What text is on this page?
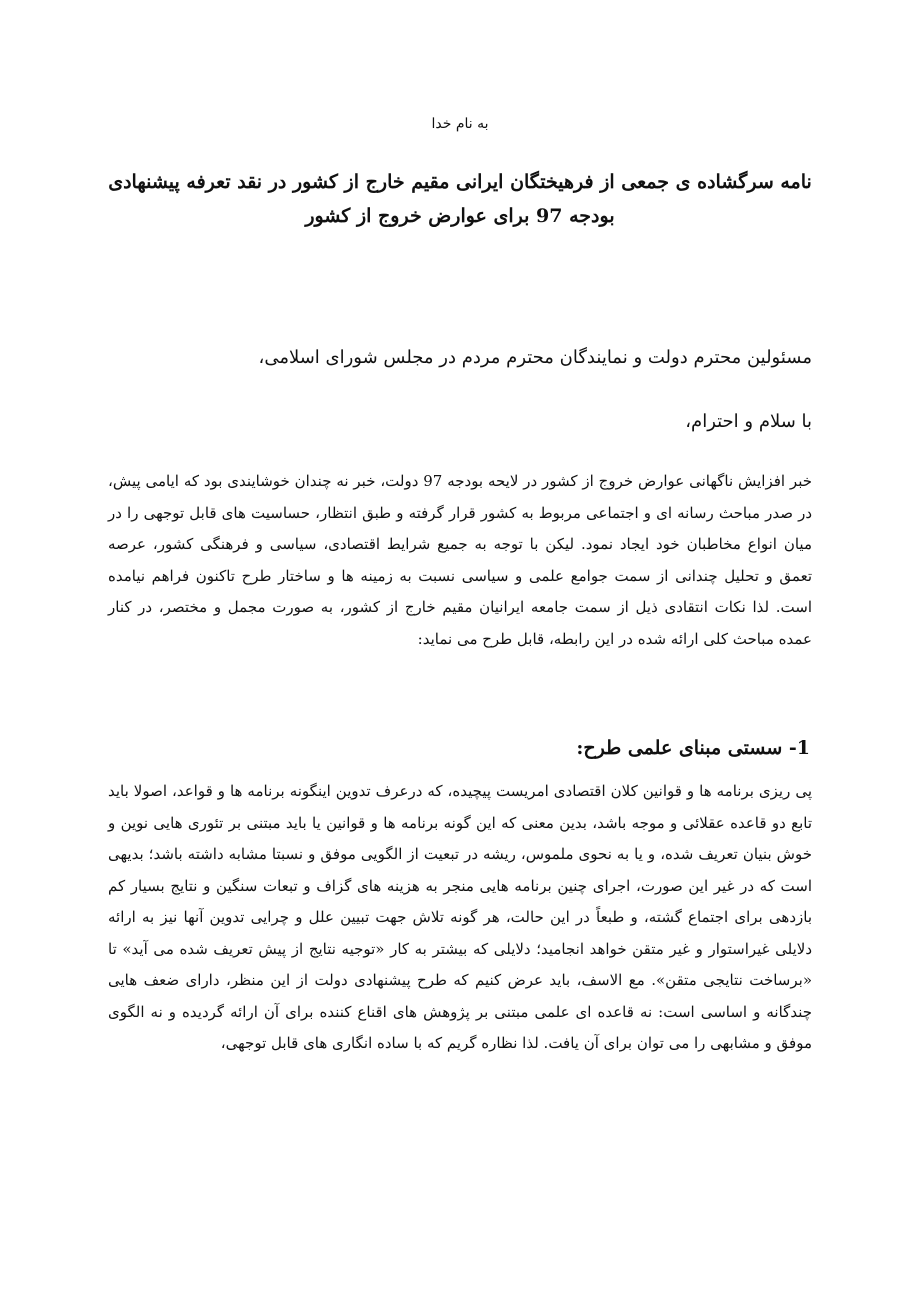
به نام خدا
نامه سرگشاده ی جمعی از فرهیختگان ایرانی مقیم خارج از کشور در نقد تعرفه پیشنهادی بودجه 97 برای عوارض خروج از کشور
مسئولین محترم دولت و نمایندگان محترم مردم در مجلس شورای اسلامی،
با سلام و احترام،

خبر افزایش ناگهانی عوارض خروج از کشور در لایحه بودجه 97 دولت، خبر نه چندان خوشایندی بود که ایامی پیش، در صدر مباحث رسانه ای و اجتماعی مربوط به کشور قرار گرفته و طبق انتظار، حساسیت های قابل توجهی را در میان انواع مخاطبان خود ایجاد نمود. لیکن با توجه به جمیع شرایط اقتصادی، سیاسی و فرهنگی کشور، عرصه تعمق و تحلیل چندانی از سمت جوامع علمی و سیاسی نسبت به زمینه ها و ساختار طرح تاکنون فراهم نیامده است. لذا نکات انتقادی ذیل از سمت جامعه ایرانیان مقیم خارج از کشور، به صورت مجمل و مختصر، در کنار عمده مباحث کلی ارائه شده در این رابطه، قابل طرح می نماید:

1- سستی مبنای علمی طرح:

پی ریزی برنامه ها و قوانین کلان اقتصادی امریست پیچیده، که درعرف تدوین اینگونه برنامه ها و قواعد، اصولا باید تابع دو قاعده عقلائی و موجه باشد، بدین معنی که این گونه برنامه ها و قوانین یا باید مبتنی بر تئوری هایی نوین و خوش بنیان تعریف شده، و یا به نحوی ملموس، ریشه در تبعیت از الگویی موفق و نسبتا مشابه داشته باشد؛ بدیهی است که در غیر این صورت، اجرای چنین برنامه هایی منجر به هزینه های گزاف و تبعات سنگین و نتایج بسیار کم بازدهی برای اجتماع گشته، و طبعاً در این حالت، هر گونه تلاش جهت تبیین علل و چرایی تدوین آنها نیز به ارائه دلایلی غیراستوار و غیر متقن خواهد انجامید؛ دلایلی که بیشتر به کار «توجیه نتایج از پیش تعریف شده می آید» تا «برساخت نتایجی متقن». مع الاسف، باید عرض کنیم که طرح پیشنهادی دولت از این منظر، دارای ضعف هایی چندگانه و اساسی است: نه قاعده ای علمی مبتنی بر پژوهش های اقناع کننده برای آن ارائه گردیده و نه الگوی موفق و مشابهی را می توان برای آن یافت. لذا نظاره گریم که با ساده انگاری های قابل توجهی،
